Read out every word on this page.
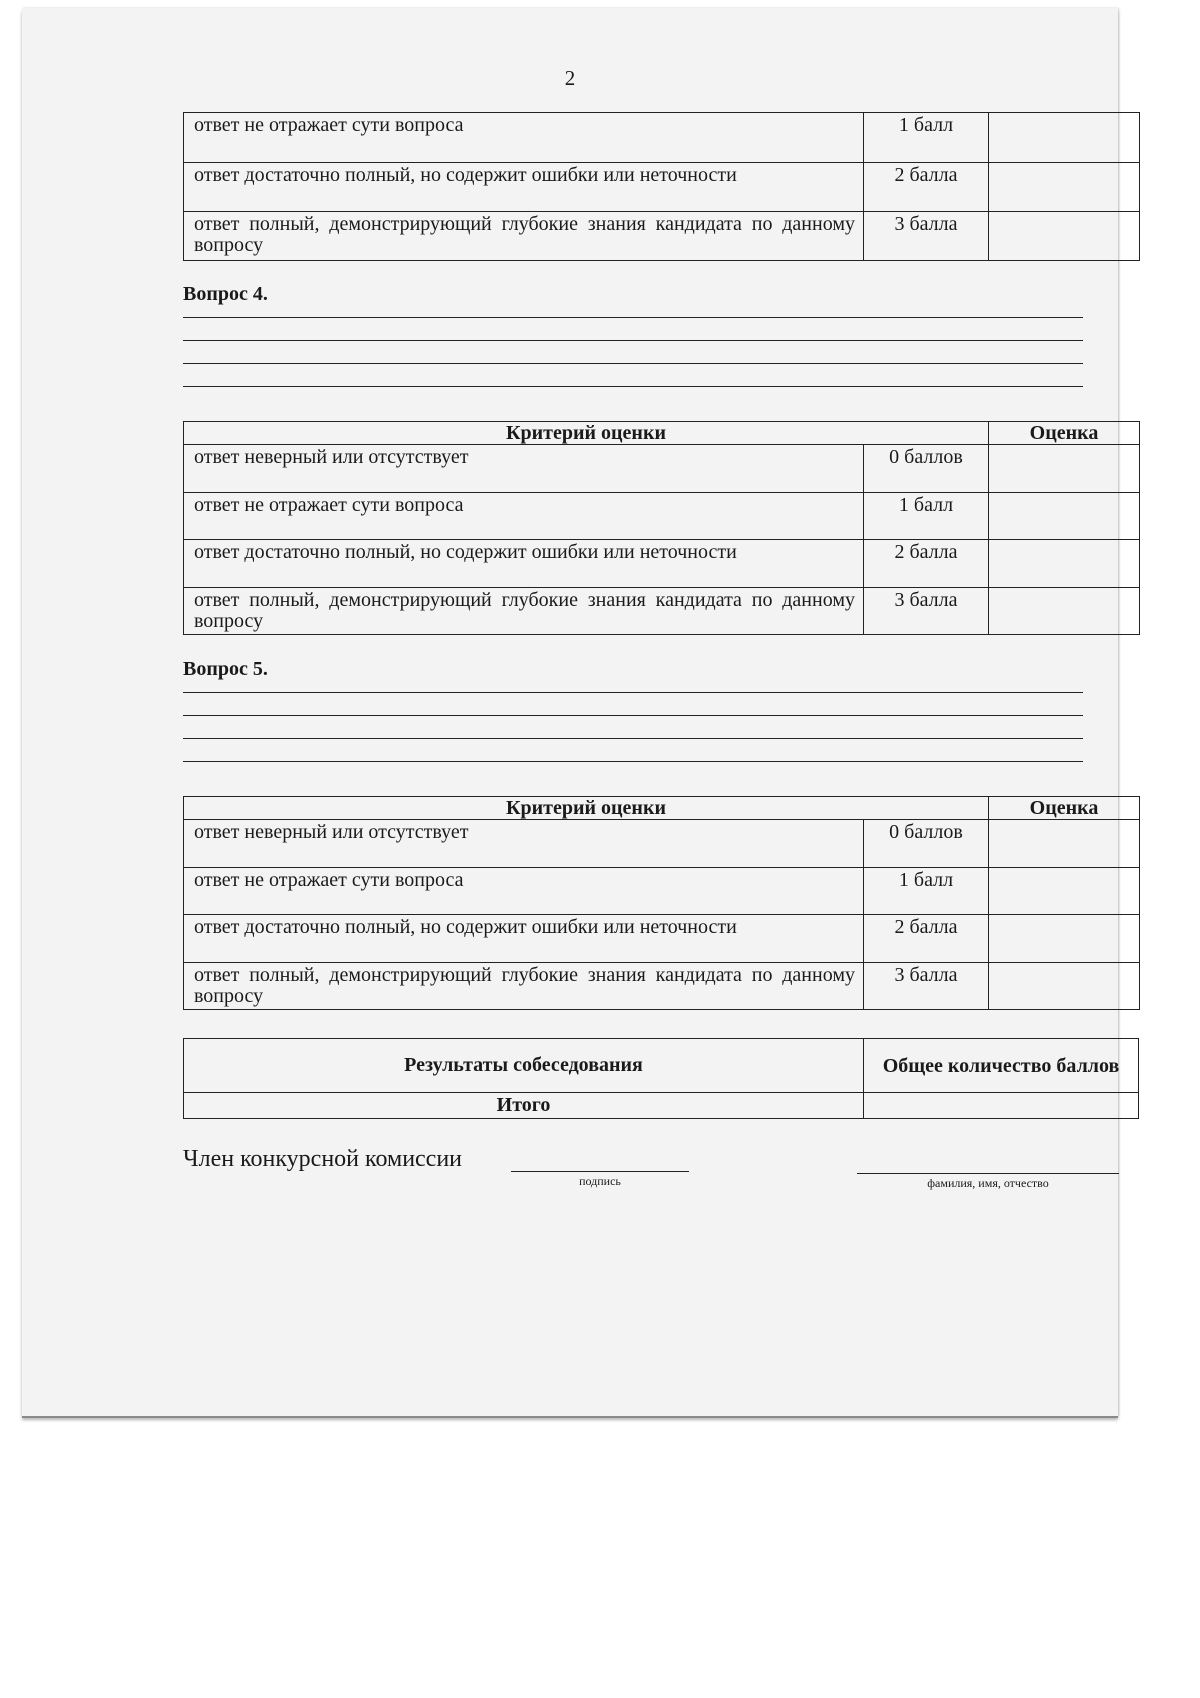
2
ответ не отражает сути вопроса	1 балл	
ответ достаточно полный, но содержит ошибки или неточности	2 балла	
ответ полный, демонстрирующий глубокие знания кандидата по данному вопросу	3 балла	
Вопрос 4.
Критерий оценки		Оценка
ответ неверный или отсутствует	0 баллов	
ответ не отражает сути вопроса	1 балл	
ответ достаточно полный, но содержит ошибки или неточности	2 балла	
ответ полный, демонстрирующий глубокие знания кандидата по данному вопросу	3 балла	
Вопрос 5.
Критерий оценки		Оценка
ответ неверный или отсутствует	0 баллов	
ответ не отражает сути вопроса	1 балл	
ответ достаточно полный, но содержит ошибки или неточности	2 балла	
ответ полный, демонстрирующий глубокие знания кандидата по данному вопросу	3 балла	
Результаты собеседования	Общее количество баллов
Итого	
Член конкурсной комиссии
подпись	фамилия, имя, отчество
